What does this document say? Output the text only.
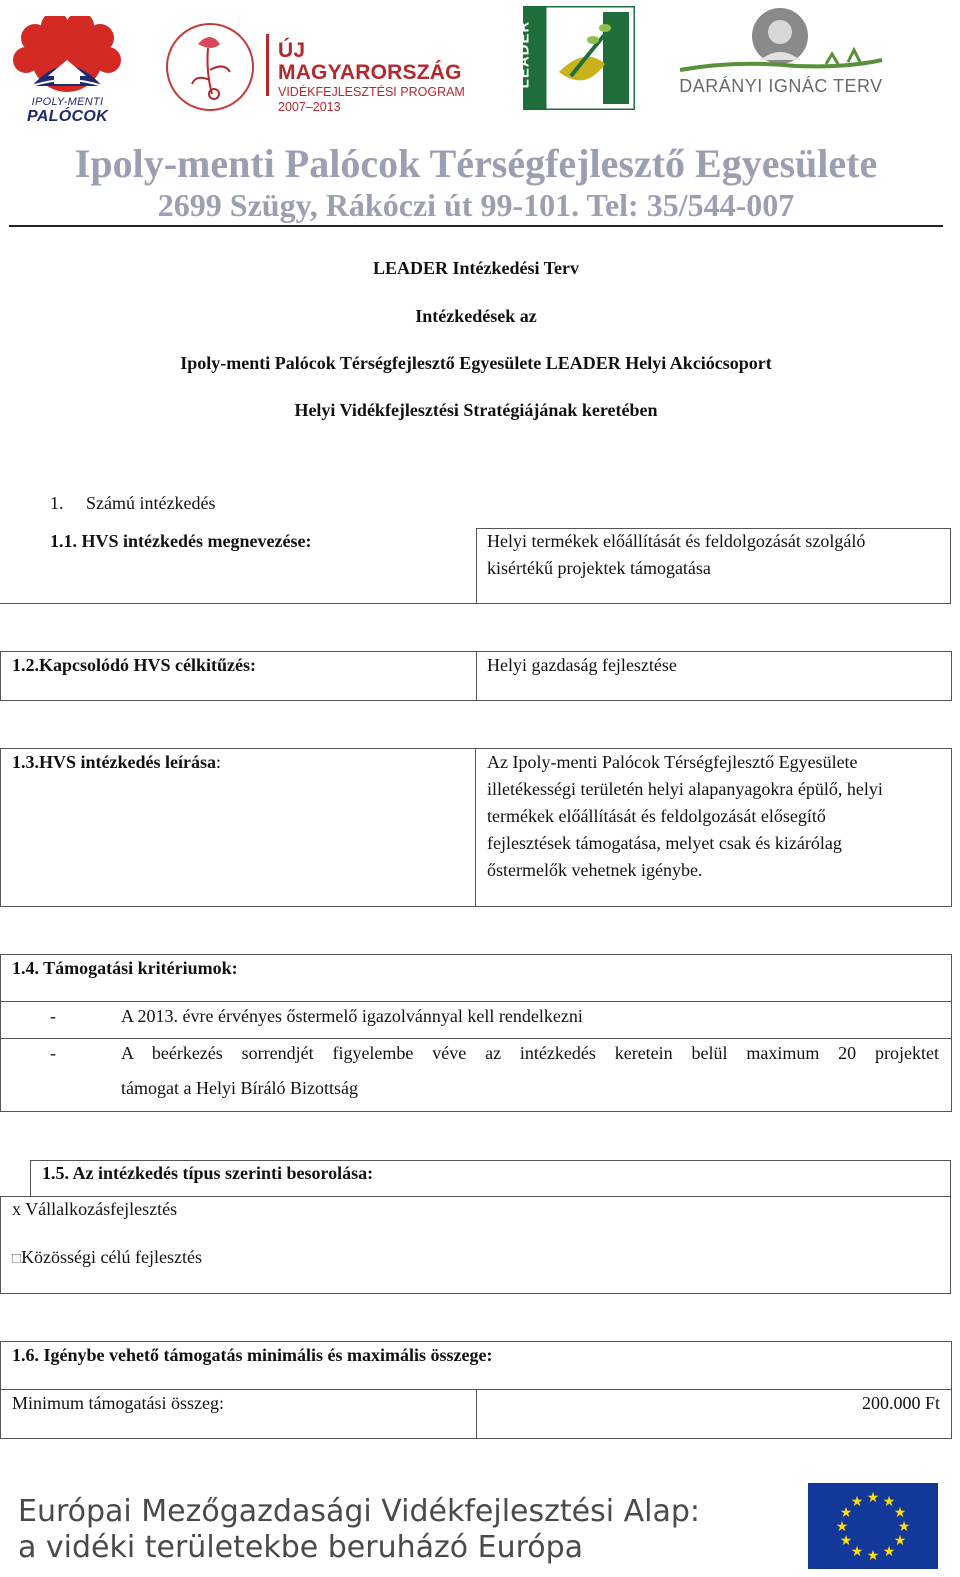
IPOLY-MENTI
PALÓCOK
ÚJ MAGYARORSZÁG
VIDÉKFEJLESZTÉSI PROGRAM
2007–2013
LEADER	DARÁNYI IGNÁC TERV
Ipoly-menti Palócok Térségfejlesztő Egyesülete
2699 Szügy, Rákóczi út 99-101. Tel: 35/544-007
LEADER Intézkedési Terv
Intézkedések az
Ipoly-menti Palócok Térségfejlesztő Egyesülete LEADER Helyi Akciócsoport
Helyi Vidékfejlesztési Stratégiájának keretében
1. Számú intézkedés
1.1. HVS intézkedés megnevezése:	Helyi termékek előállítását és feldolgozását szolgáló
kisértékű projektek támogatása
1.2.Kapcsolódó HVS célkitűzés:	Helyi gazdaság fejlesztése
1.3.HVS intézkedés leírása:	Az Ipoly-menti Palócok Térségfejlesztő Egyesülete
illetékességi területén helyi alapanyagokra épülő, helyi
termékek előállítását és feldolgozását elősegítő
fejlesztések támogatása, melyet csak és kizárólag
őstermelők vehetnek igénybe.
1.4. Támogatási kritériumok:
-	A 2013. évre érvényes őstermelő igazolvánnyal kell rendelkezni
-	A beérkezés sorrendjét figyelembe véve az intézkedés keretein belül maximum 20 projektet
támogat a Helyi Bíráló Bizottság
1.5. Az intézkedés típus szerinti besorolása:
x Vállalkozásfejlesztés
□Közösségi célú fejlesztés
1.6. Igénybe vehető támogatás minimális és maximális összege:
Minimum támogatási összeg:	200.000 Ft
Európai Mezőgazdasági Vidékfejlesztési Alap:
a vidéki területekbe beruházó Európa
★ ★
★
★
★
★
★
★
★
★
★
★
